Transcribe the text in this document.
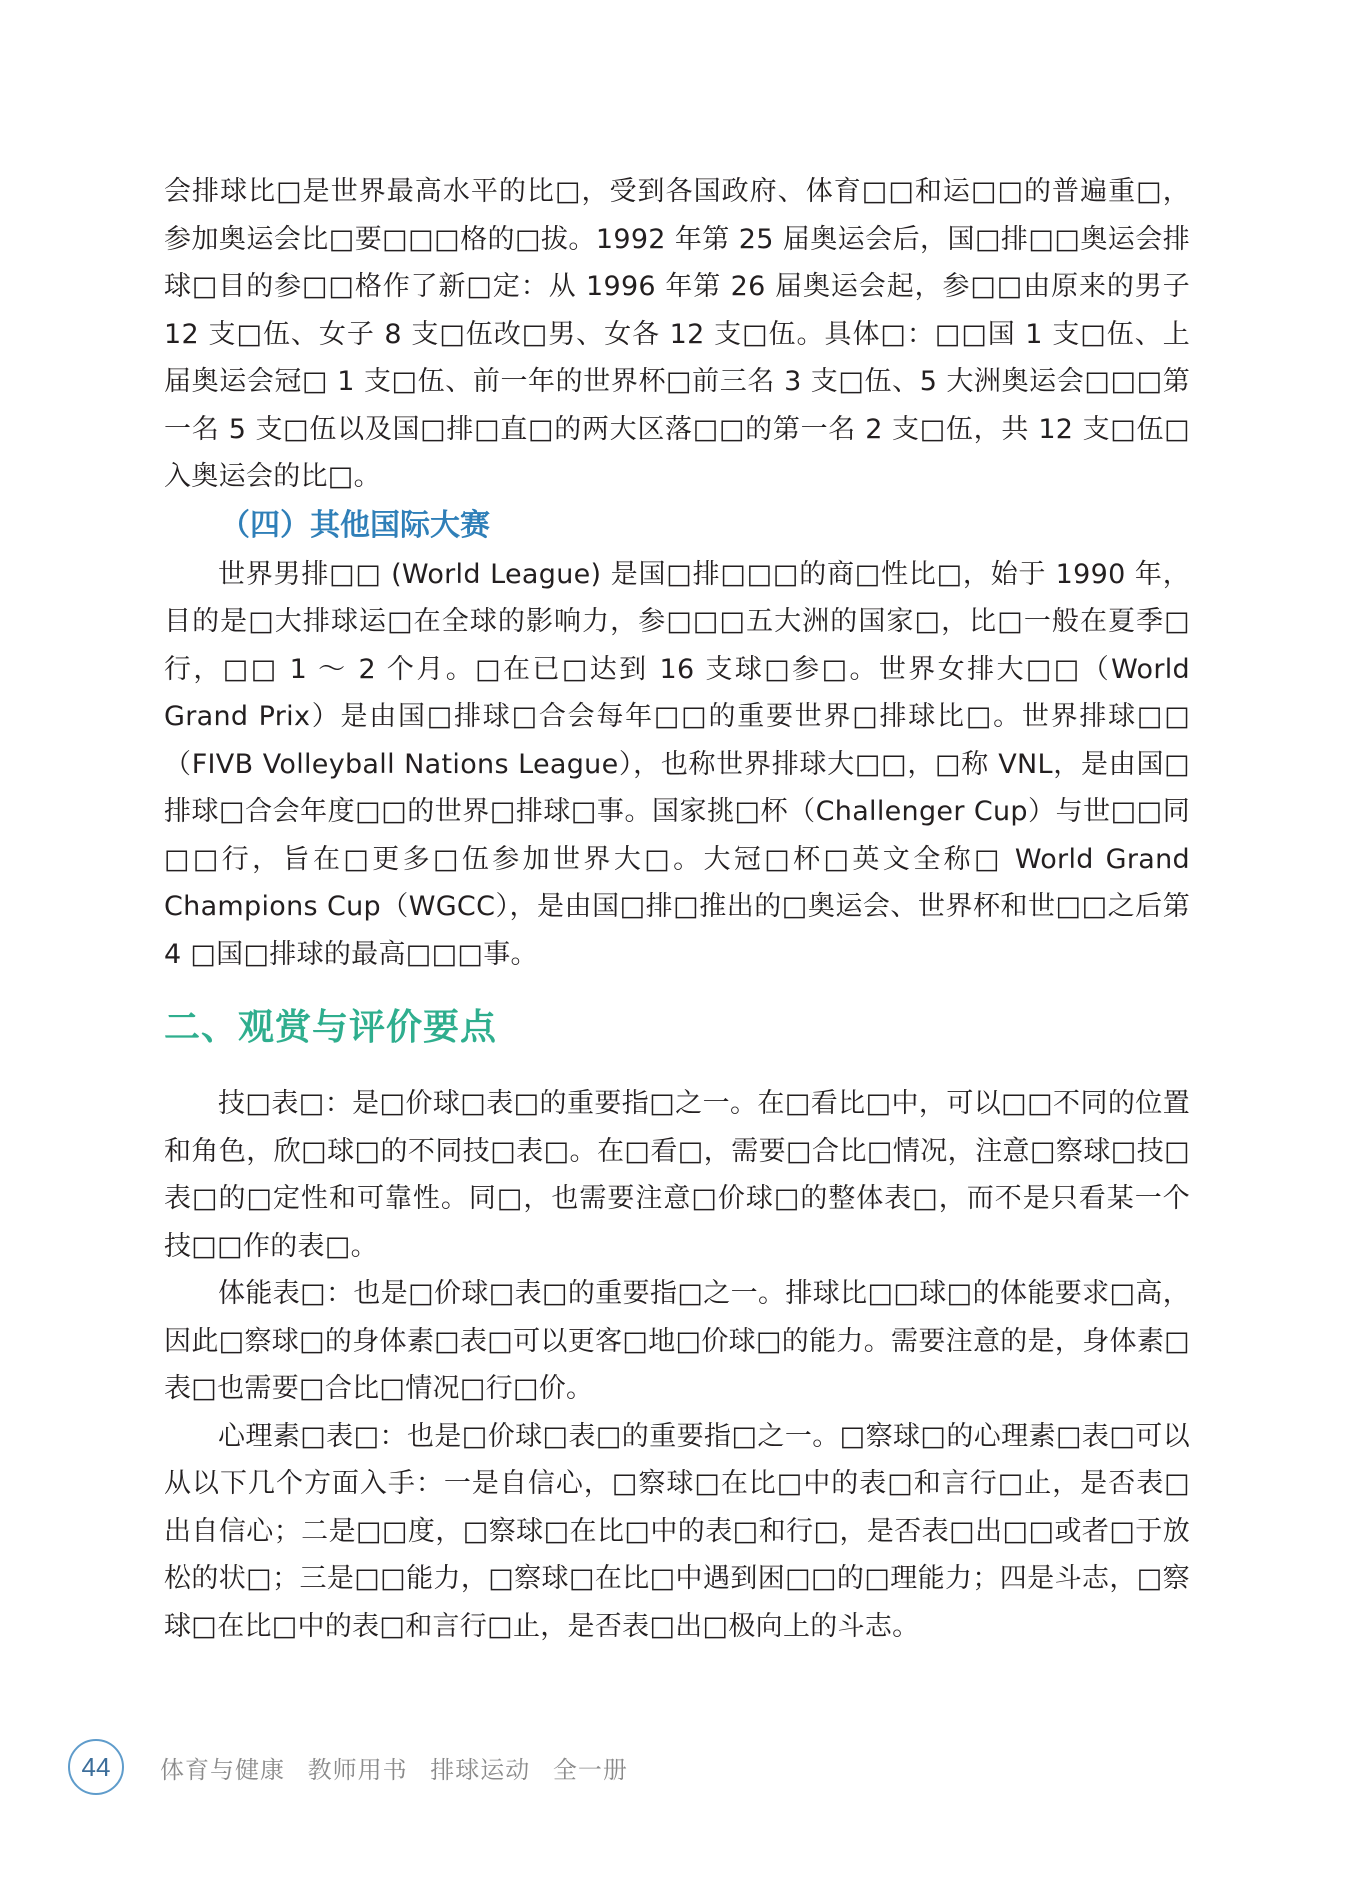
会排球比□是世界最高水平的比□，受到各国政府、体育□□和运□□的普遍重□，参加奥运会比□要□□□格的□拔。1992 年第 25 届奥运会后，国□排□□奥运会排球□目的参□□格作了新□定：从 1996 年第 26 届奥运会起，参□□由原来的男子 12 支□伍、女子 8 支□伍改□男、女各 12 支□伍。具体□：□□国 1 支□伍、上届奥运会冠□ 1 支□伍、前一年的世界杯□前三名 3 支□伍、5 大洲奥运会□□□第一名 5 支□伍以及国□排□直□的两大区落□□的第一名 2 支□伍，共 12 支□伍□入奥运会的比□。

（四）其他国际大赛

世界男排□□ (World League) 是国□排□□□的商□性比□，始于 1990 年，目的是□大排球运□在全球的影响力，参□□□五大洲的国家□，比□一般在夏季□行，□□ 1 ～ 2 个月。□在已□达到 16 支球□参□。世界女排大□□（World Grand Prix）是由国□排球□合会每年□□的重要世界□排球比□。世界排球□□（FIVB Volleyball Nations League），也称世界排球大□□，□称 VNL，是由国□排球□合会年度□□的世界□排球□事。国家挑□杯（Challenger Cup）与世□□同□□行，旨在□更多□伍参加世界大□。大冠□杯□英文全称□ World Grand Champions Cup（WGCC），是由国□排□推出的□奥运会、世界杯和世□□之后第 4 □国□排球的最高□□□事。

二、观赏与评价要点

技□表□：是□价球□表□的重要指□之一。在□看比□中，可以□□不同的位置和角色，欣□球□的不同技□表□。在□看□，需要□合比□情况，注意□察球□技□表□的□定性和可靠性。同□，也需要注意□价球□的整体表□，而不是只看某一个技□□作的表□。

体能表□：也是□价球□表□的重要指□之一。排球比□□球□的体能要求□高，因此□察球□的身体素□表□可以更客□地□价球□的能力。需要注意的是，身体素□表□也需要□合比□情况□行□价。

心理素□表□：也是□价球□表□的重要指□之一。□察球□的心理素□表□可以从以下几个方面入手：一是自信心，□察球□在比□中的表□和言行□止，是否表□出自信心；二是□□度，□察球□在比□中的表□和行□，是否表□出□□或者□于放松的状□；三是□□能力，□察球□在比□中遇到困□□的□理能力；四是斗志，□察球□在比□中的表□和言行□止，是否表□出□极向上的斗志。

44	体育与健康 教师用书 排球运动 全一册
